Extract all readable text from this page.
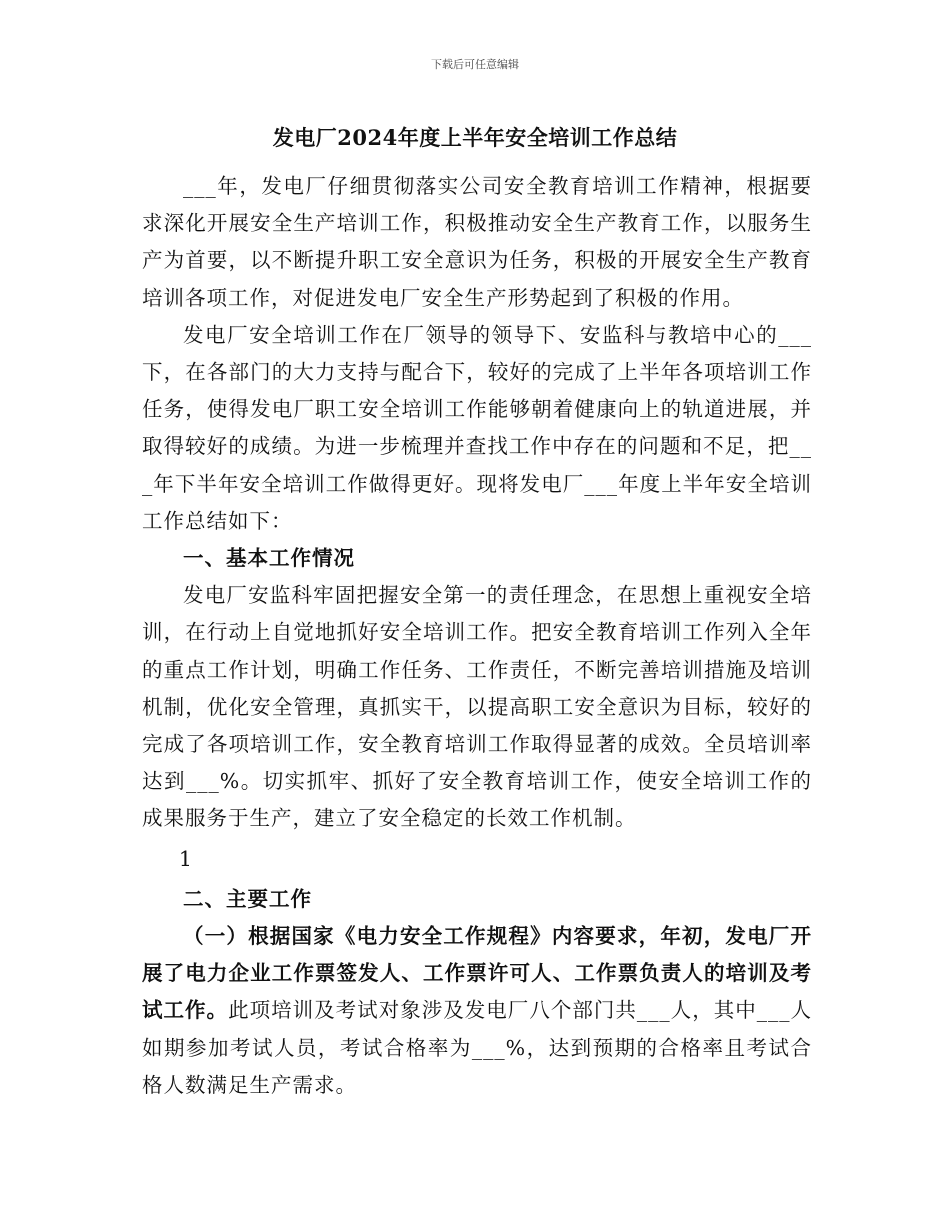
下载后可任意编辑
发电厂2024年度上半年安全培训工作总结

___年，发电厂仔细贯彻落实公司安全教育培训工作精神，根据要求深化开展安全生产培训工作，积极推动安全生产教育工作，以服务生产为首要，以不断提升职工安全意识为任务，积极的开展安全生产教育培训各项工作，对促进发电厂安全生产形势起到了积极的作用。

发电厂安全培训工作在厂领导的领导下、安监科与教培中心的___下，在各部门的大力支持与配合下，较好的完成了上半年各项培训工作任务，使得发电厂职工安全培训工作能够朝着健康向上的轨道进展，并取得较好的成绩。为进一步梳理并查找工作中存在的问题和不足，把___年下半年安全培训工作做得更好。现将发电厂___年度上半年安全培训工作总结如下：

一、基本工作情况

发电厂安监科牢固把握安全第一的责任理念，在思想上重视安全培训，在行动上自觉地抓好安全培训工作。把安全教育培训工作列入全年的重点工作计划，明确工作任务、工作责任，不断完善培训措施及培训机制，优化安全管理，真抓实干，以提高职工安全意识为目标，较好的完成了各项培训工作，安全教育培训工作取得显著的成效。全员培训率达到___%。切实抓牢、抓好了安全教育培训工作，使安全培训工作的成果服务于生产，建立了安全稳定的长效工作机制。

1

二、主要工作

（一）根据国家《电力安全工作规程》内容要求，年初，发电厂开展了电力企业工作票签发人、工作票许可人、工作票负责人的培训及考试工作。此项培训及考试对象涉及发电厂八个部门共___人，其中___人如期参加考试人员，考试合格率为___%，达到预期的合格率且考试合格人数满足生产需求。
